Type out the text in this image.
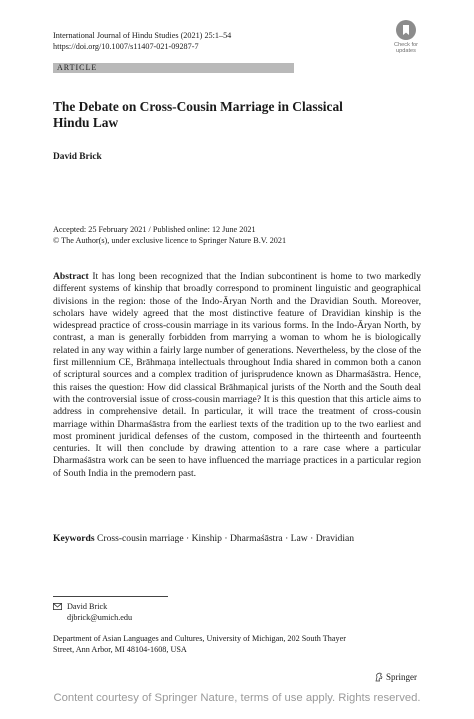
International Journal of Hindu Studies (2021) 25:1–54
https://doi.org/10.1007/s11407-021-09287-7	Check for
updates
ARTICLE
The Debate on Cross-Cousin Marriage in Classical
Hindu Law
David Brick
Accepted: 25 February 2021 / Published online: 12 June 2021
© The Author(s), under exclusive licence to Springer Nature B.V. 2021

Abstract It has long been recognized that the Indian subcontinent is home to two markedly different systems of kinship that broadly correspond to prominent linguistic and geographical divisions in the region: those of the Indo-Āryan North and the Dravidian South. Moreover, scholars have widely agreed that the most distinctive feature of Dravidian kinship is the widespread practice of cross-cousin marriage in its various forms. In the Indo-Āryan North, by contrast, a man is generally forbidden from marrying a woman to whom he is biologically related in any way within a fairly large number of generations. Nevertheless, by the close of the first millennium CE, Brāhmaṇa intellectuals throughout India shared in common both a canon of scriptural sources and a complex tradition of jurisprudence known as Dharmaśāstra. Hence, this raises the question: How did classical Brāhmaṇical jurists of the North and the South deal with the controversial issue of cross-cousin marriage? It is this question that this article aims to address in comprehensive detail. In particular, it will trace the treatment of cross-cousin marriage within Dharmaśāstra from the earliest texts of the tradition up to the two earliest and most prominent juridical defenses of the custom, composed in the thirteenth and fourteenth centuries. It will then conclude by drawing attention to a rare case where a particular Dharmaśāstra work can be seen to have influenced the marriage practices in a particular region of South India in the premodern past.

Keywords Cross-cousin marriage · Kinship · Dharmaśāstra · Law · Dravidian
David Brick
djbrick@umich.edu
Department of Asian Languages and Cultures, University of Michigan, 202 South Thayer
Street, Ann Arbor, MI 48104-1608, USA
Springer
Content courtesy of Springer Nature, terms of use apply. Rights reserved.
